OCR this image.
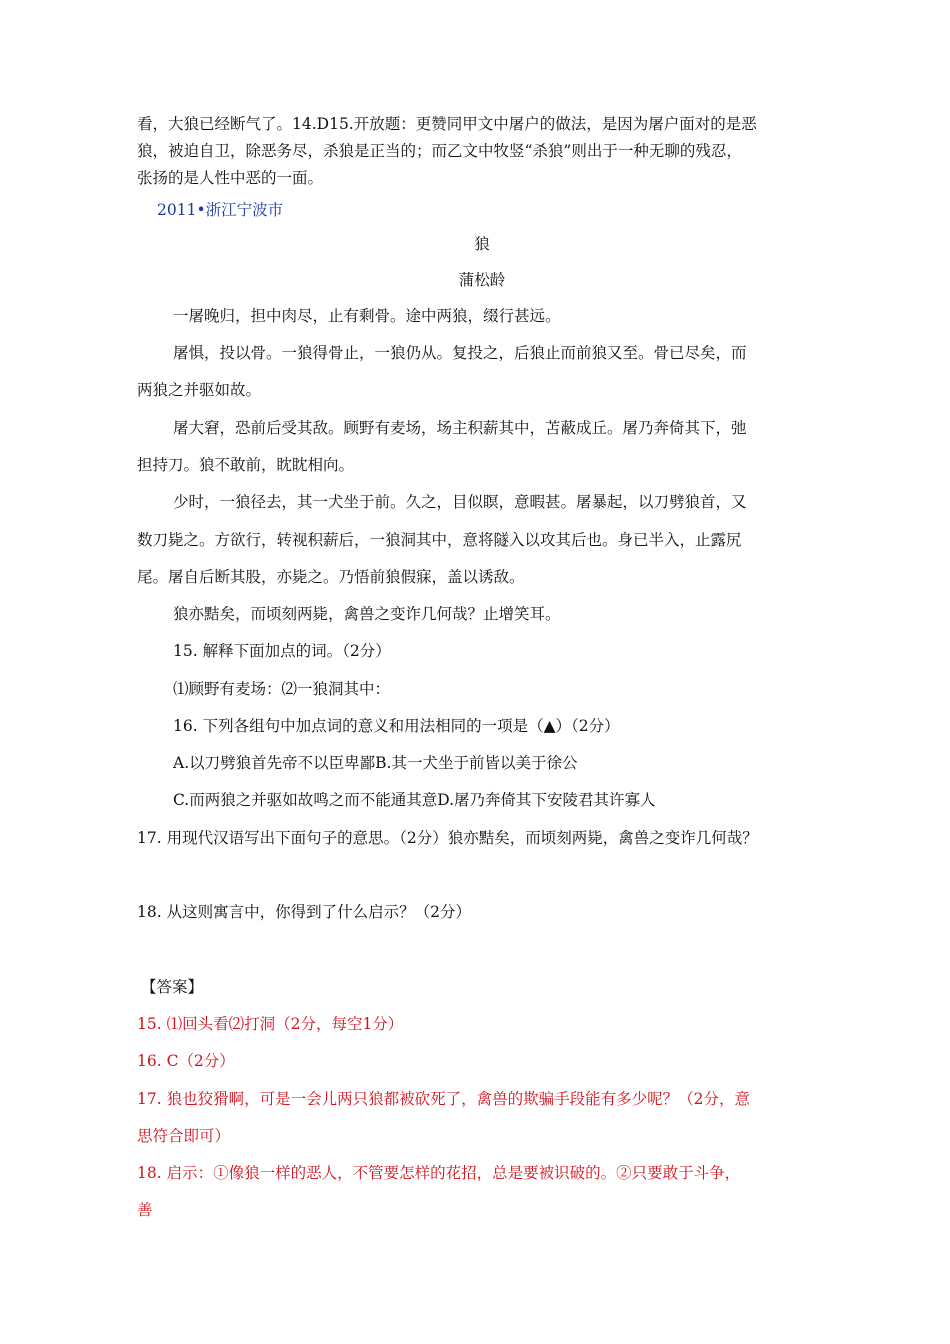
看，大狼已经断气了。14.D15.开放题：更赞同甲文中屠户的做法，是因为屠户面对的是恶
狼，被迫自卫，除恶务尽，杀狼是正当的；而乙文中牧竖“杀狼”则出于一种无聊的残忍，
张扬的是人性中恶的一面。
2011•浙江宁波市
狼
蒲松龄
一屠晚归，担中肉尽，止有剩骨。途中两狼，缀行甚远。
屠惧，投以骨。一狼得骨止，一狼仍从。复投之，后狼止而前狼又至。骨已尽矣，而
两狼之并驱如故。
屠大窘，恐前后受其敌。顾野有麦场，场主积薪其中，苫蔽成丘。屠乃奔倚其下，弛
担持刀。狼不敢前，眈眈相向。
少时，一狼径去，其一犬坐于前。久之，目似瞑，意暇甚。屠暴起，以刀劈狼首，又
数刀毙之。方欲行，转视积薪后，一狼洞其中，意将隧入以攻其后也。身已半入，止露尻
尾。屠自后断其股，亦毙之。乃悟前狼假寐，盖以诱敌。
狼亦黠矣，而顷刻两毙，禽兽之变诈几何哉？止增笑耳。
15. 解释下面加点的词。（2分）
⑴顾野有麦场：⑵一狼洞其中：
16. 下列各组句中加点词的意义和用法相同的一项是（▲）（2分）
A.以刀劈狼首先帝不以臣卑鄙B.其一犬坐于前皆以美于徐公
C.而两狼之并驱如故鸣之而不能通其意D.屠乃奔倚其下安陵君其许寡人
17. 用现代汉语写出下面句子的意思。（2分）狼亦黠矣，而顷刻两毙，禽兽之变诈几何哉？
18. 从这则寓言中，你得到了什么启示？（2分）
【答案】
15. ⑴回头看⑵打洞（2分，每空1分）
16. C（2分）
17. 狼也狡猾啊，可是一会儿两只狼都被砍死了，禽兽的欺骗手段能有多少呢？（2分，意
思符合即可）
18. 启示：①像狼一样的恶人，不管要怎样的花招，总是要被识破的。②只要敢于斗争，
善
